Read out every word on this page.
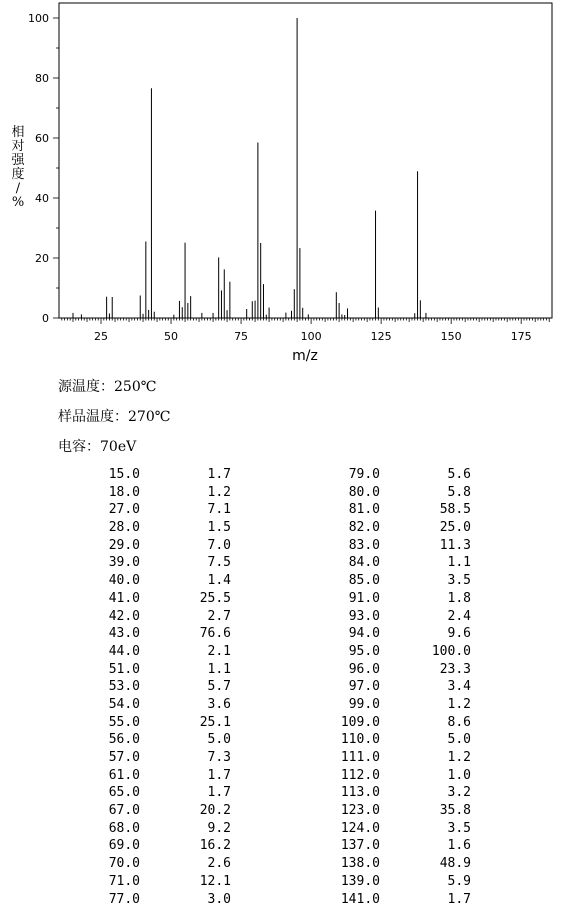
25	50	75	100	125	150	175
0
20
40
60
80
100
m/z
相对强度/ %
源温度：250℃
样品温度：270℃
电容：70eV
15.0	1.7	79.0	5.6
18.0	1.2	80.0	5.8
27.0	7.1	81.0	58.5
28.0	1.5	82.0	25.0
29.0	7.0	83.0	11.3
39.0	7.5	84.0	1.1
40.0	1.4	85.0	3.5
41.0	25.5	91.0	1.8
42.0	2.7	93.0	2.4
43.0	76.6	94.0	9.6
44.0	2.1	95.0	100.0
51.0	1.1	96.0	23.3
53.0	5.7	97.0	3.4
54.0	3.6	99.0	1.2
55.0	25.1	109.0	8.6
56.0	5.0	110.0	5.0
57.0	7.3	111.0	1.2
61.0	1.7	112.0	1.0
65.0	1.7	113.0	3.2
67.0	20.2	123.0	35.8
68.0	9.2	124.0	3.5
69.0	16.2	137.0	1.6
70.0	2.6	138.0	48.9
71.0	12.1	139.0	5.9
77.0	3.0	141.0	1.7
